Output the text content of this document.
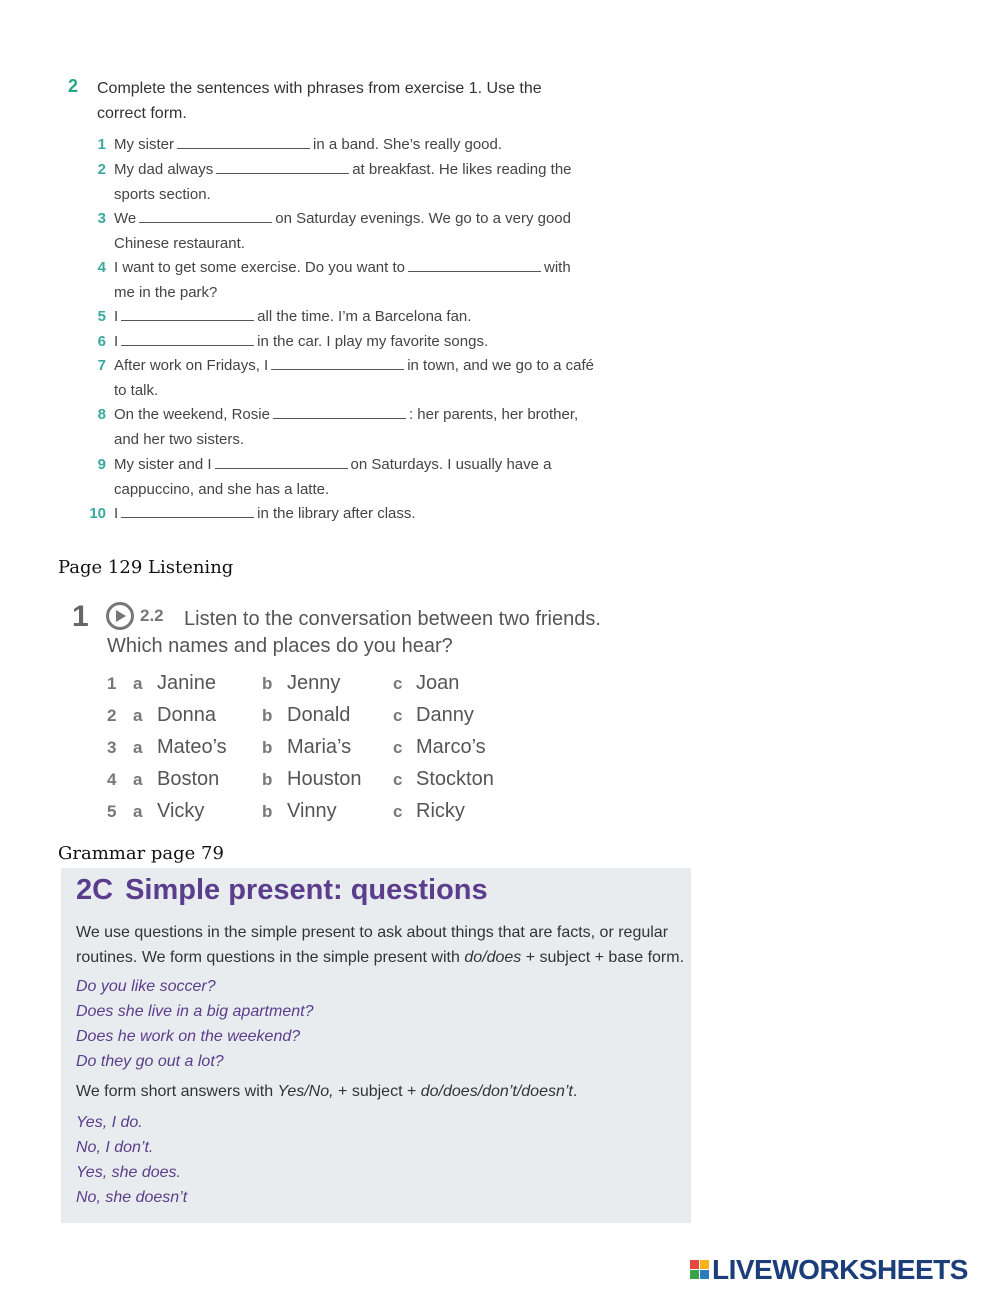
2 Complete the sentences with phrases from exercise 1. Use the correct form.
1 My sister	in a band. She’s really good.
2 My dad always	at breakfast. He likes reading the sports section.
3 We	on Saturday evenings. We go to a very good Chinese restaurant.
4 I want to get some exercise. Do you want to	with me in the park?
5 I	all the time. I’m a Barcelona fan.
6 I	in the car. I play my favorite songs.
7 After work on Fridays, I	in town, and we go to a café to talk.
8 On the weekend, Rosie	: her parents, her brother, and her two sisters.
9 My sister and I	on Saturdays. I usually have a cappuccino, and she has a latte.
10 I	in the library after class.
Page 129 Listening
1	2.2	Listen to the conversation between two friends. Which names and places do you hear?
1 a Janine	b Jenny	c Joan
2 a Donna	b Donald	c Danny
3 a Mateo’s b Maria’s c Marco’s
4 a Boston	b Houston c Stockton
5 a Vicky	b Vinny	c Ricky
Grammar page 79
2C Simple present: questions
We use questions in the simple present to ask about things that are facts, or regular
routines. We form questions in the simple present with do/does + subject + base form.
Do you like soccer?
Does she live in a big apartment?
Does he work on the weekend?
Do they go out a lot?
We form short answers with Yes/No, + subject + do/does/don’t/doesn’t.
Yes, I do.
No, I don’t.
Yes, she does.
No, she doesn’t
LIVEWORKSHEETS
